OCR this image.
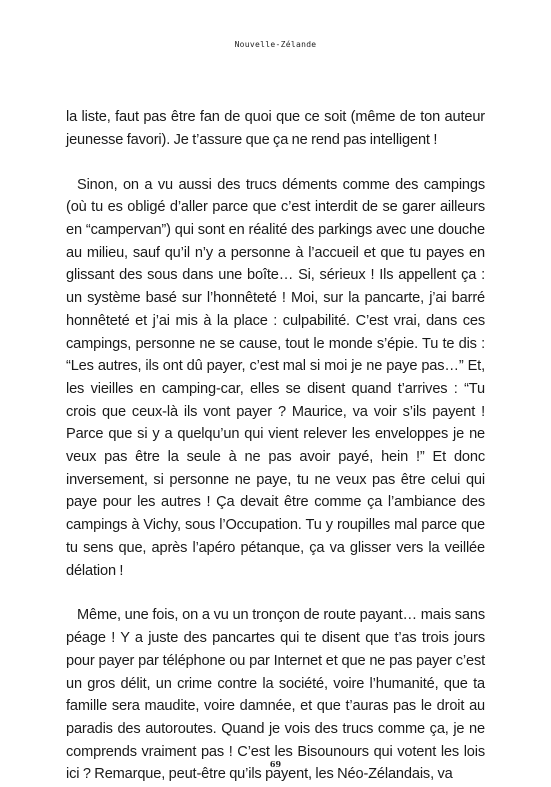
Nouvelle-Zélande

la liste, faut pas être fan de quoi que ce soit (même de ton auteur jeunesse favori). Je t’assure que ça ne rend pas intelligent !

Sinon, on a vu aussi des trucs déments comme des campings (où tu es obligé d’aller parce que c’est interdit de se garer ailleurs en “campervan”) qui sont en réalité des parkings avec une douche au milieu, sauf qu’il n’y a personne à l’accueil et que tu payes en glissant des sous dans une boîte… Si, sérieux ! Ils appellent ça : un système basé sur l’honnêteté ! Moi, sur la pancarte, j’ai barré honnêteté et j’ai mis à la place : culpabilité. C’est vrai, dans ces campings, personne ne se cause, tout le monde s’épie. Tu te dis : “Les autres, ils ont dû payer, c’est mal si moi je ne paye pas…” Et, les vieilles en camping-car, elles se disent quand t’arrives : “Tu crois que ceux-là ils vont payer ? Maurice, va voir s’ils payent ! Parce que si y a quelqu’un qui vient relever les enveloppes je ne veux pas être la seule à ne pas avoir payé, hein !” Et donc inversement, si personne ne paye, tu ne veux pas être celui qui paye pour les autres ! Ça devait être comme ça l’ambiance des campings à Vichy, sous l’Occupation. Tu y roupilles mal parce que tu sens que, après l’apéro pétanque, ça va glisser vers la veillée délation !

Même, une fois, on a vu un tronçon de route payant… mais sans péage ! Y a juste des pancartes qui te disent que t’as trois jours pour payer par téléphone ou par Internet et que ne pas payer c’est un gros délit, un crime contre la société, voire l’humanité, que ta famille sera maudite, voire damnée, et que t’auras pas le droit au paradis des autoroutes. Quand je vois des trucs comme ça, je ne comprends vraiment pas ! C’est les Bisounours qui votent les lois ici ? Remarque, peut-être qu’ils payent, les Néo-Zélandais, va

69
